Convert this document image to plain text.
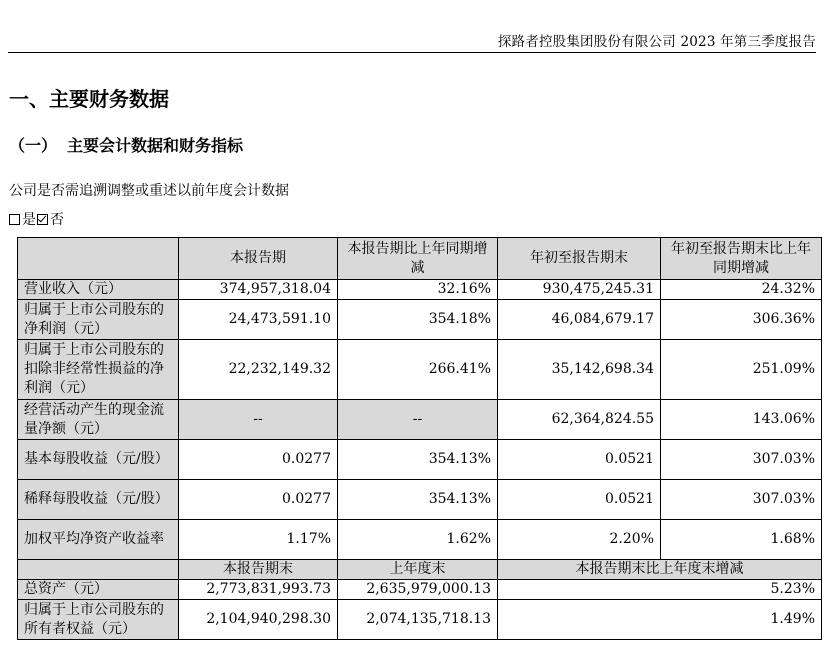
探路者控股集团股份有限公司 2023 年第三季度报告
一、主要财务数据
（一） 主要会计数据和财务指标
公司是否需追溯调整或重述以前年度会计数据
是 否
	本报告期	本报告期比上年同期增减	年初至报告期末	年初至报告期末比上年同期增减
营业收入（元）	374,957,318.04	32.16%	930,475,245.31	24.32%
归属于上市公司股东的净利润（元）	24,473,591.10	354.18%	46,084,679.17	306.36%
归属于上市公司股东的扣除非经常性损益的净利润（元）	22,232,149.32	266.41%	35,142,698.34	251.09%
经营活动产生的现金流量净额（元）	--	--	62,364,824.55	143.06%
基本每股收益（元/股）	0.0277	354.13%	0.0521	307.03%
稀释每股收益（元/股）	0.0277	354.13%	0.0521	307.03%
加权平均净资产收益率	1.17%	1.62%	2.20%	1.68%
	本报告期末	上年度末	本报告期末比上年度末增减	
总资产（元）	2,773,831,993.73	2,635,979,000.13	5.23%	
归属于上市公司股东的所有者权益（元）	2,104,940,298.30	2,074,135,718.13	1.49%	
